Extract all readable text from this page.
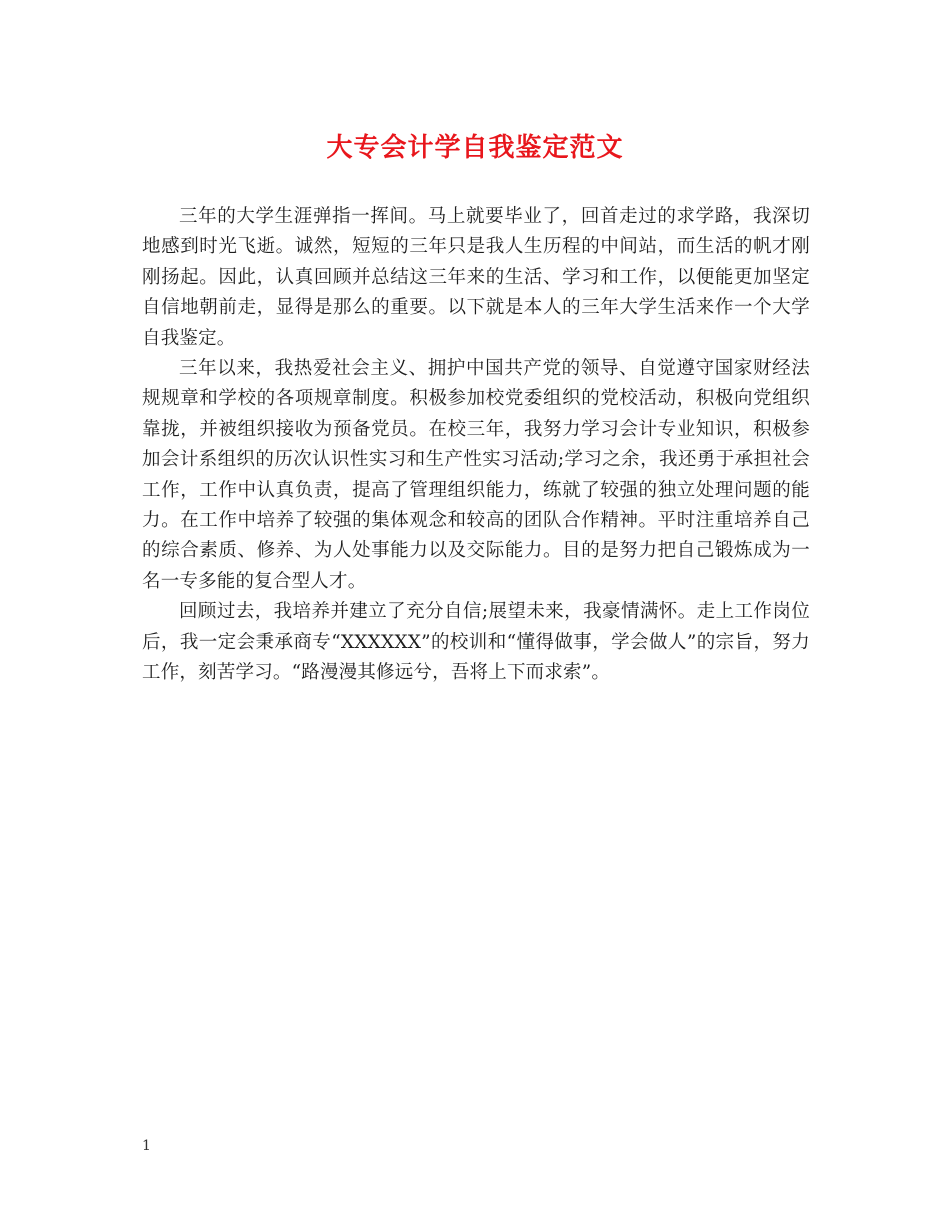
大专会计学自我鉴定范文

三年的大学生涯弹指一挥间。马上就要毕业了，回首走过的求学路，我深切地感到时光飞逝。诚然，短短的三年只是我人生历程的中间站，而生活的帆才刚刚扬起。因此，认真回顾并总结这三年来的生活、学习和工作，以便能更加坚定自信地朝前走，显得是那么的重要。以下就是本人的三年大学生活来作一个大学自我鉴定。

三年以来，我热爱社会主义、拥护中国共产党的领导、自觉遵守国家财经法规规章和学校的各项规章制度。积极参加校党委组织的党校活动，积极向党组织靠拢，并被组织接收为预备党员。在校三年，我努力学习会计专业知识，积极参加会计系组织的历次认识性实习和生产性实习活动;学习之余，我还勇于承担社会工作，工作中认真负责，提高了管理组织能力，练就了较强的独立处理问题的能力。在工作中培养了较强的集体观念和较高的团队合作精神。平时注重培养自己的综合素质、修养、为人处事能力以及交际能力。目的是努力把自己锻炼成为一名一专多能的复合型人才。

回顾过去，我培养并建立了充分自信;展望未来，我豪情满怀。走上工作岗位后，我一定会秉承商专“XXXXXX”的校训和“懂得做事，学会做人”的宗旨，努力工作，刻苦学习。“路漫漫其修远兮，吾将上下而求索”。

1
